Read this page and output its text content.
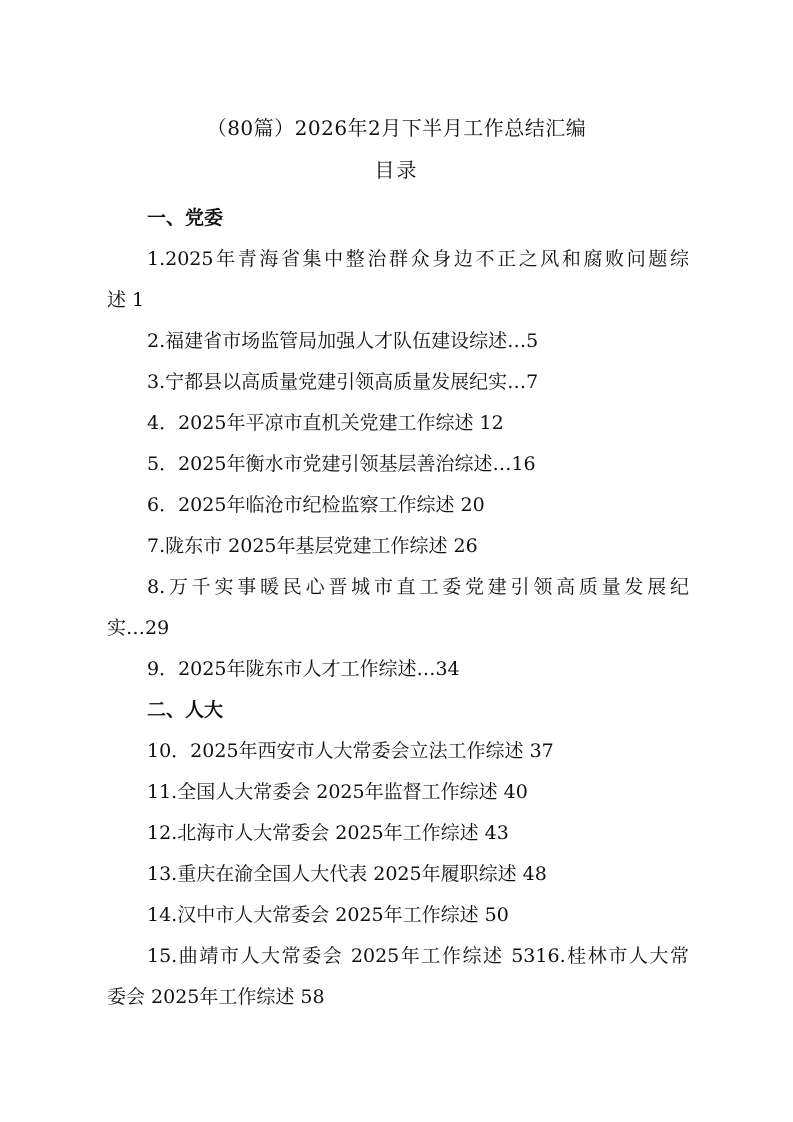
（80篇）2026年2月下半月工作总结汇编
目录
一、党委
1.2025年青海省集中整治群众身边不正之风和腐败问题综
述 1
2.福建省市场监管局加强人才队伍建设综述…5
3.宁都县以高质量党建引领高质量发展纪实…7
4．2025年平凉市直机关党建工作综述 12
5．2025年衡水市党建引领基层善治综述…16
6．2025年临沧市纪检监察工作综述 20
7.陇东市 2025年基层党建工作综述 26
8.万千实事暖民心晋城市直工委党建引领高质量发展纪
实…29
9．2025年陇东市人才工作综述…34
二、人大
10．2025年西安市人大常委会立法工作综述 37
11.全国人大常委会 2025年监督工作综述 40
12.北海市人大常委会 2025年工作综述 43
13.重庆在渝全国人大代表 2025年履职综述 48
14.汉中市人大常委会 2025年工作综述 50
15.曲靖市人大常委会 2025年工作综述 5316.桂林市人大常
委会 2025年工作综述 58
